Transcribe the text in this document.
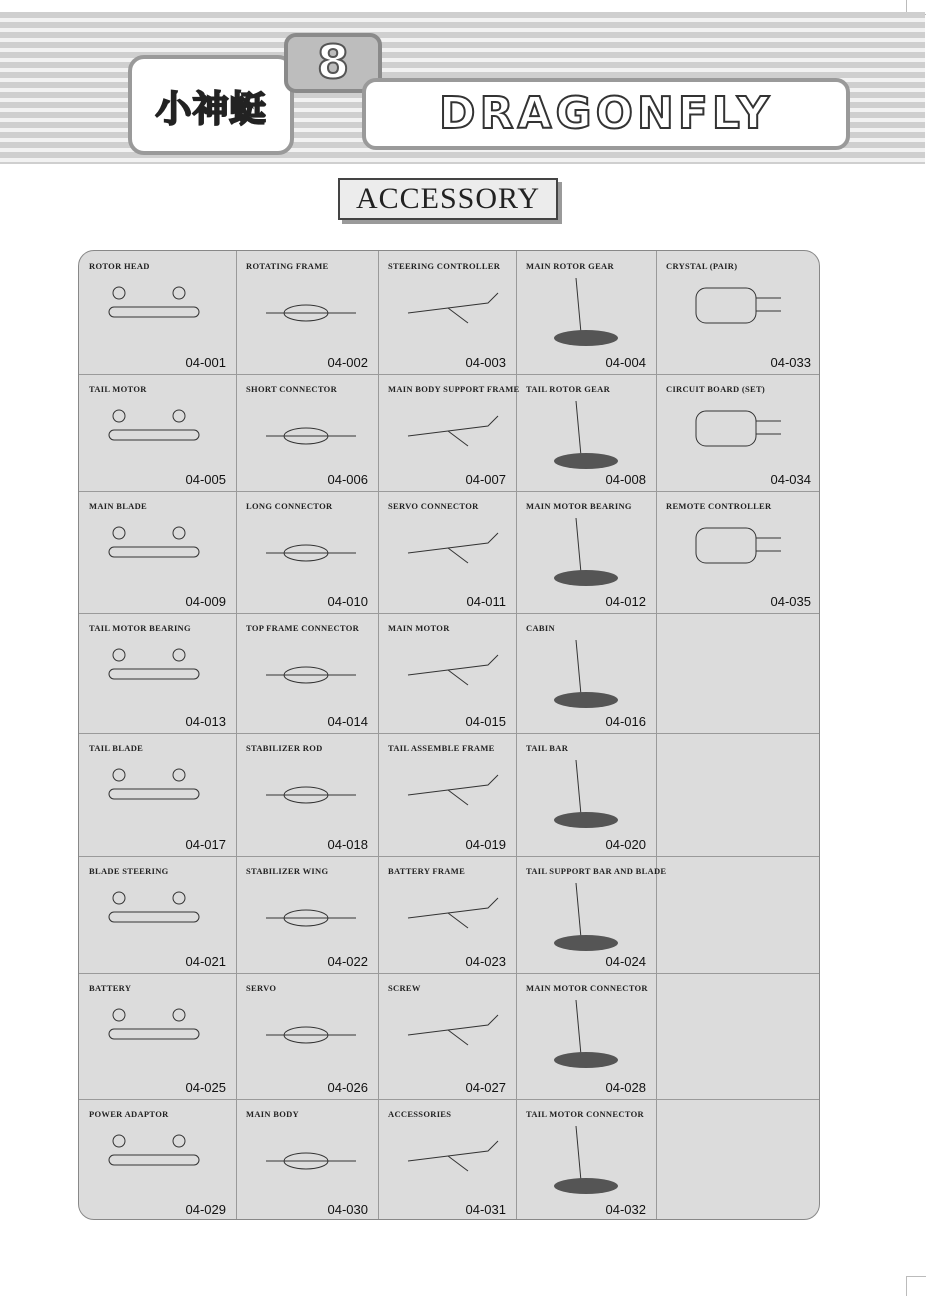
小神蜓
8
DRAGONFLY
ACCESSORY
ROTOR HEAD
04-001
ROTATING FRAME
04-002
STEERING CONTROLLER
04-003
MAIN ROTOR GEAR
04-004
CRYSTAL (PAIR)
04-033
TAIL MOTOR
04-005
SHORT CONNECTOR
04-006
MAIN BODY SUPPORT FRAME
04-007
TAIL ROTOR GEAR
04-008
CIRCUIT BOARD (SET)
04-034
MAIN BLADE
04-009
LONG CONNECTOR
04-010
SERVO CONNECTOR
04-011
MAIN MOTOR BEARING
04-012
REMOTE CONTROLLER
04-035
TAIL MOTOR BEARING
04-013
TOP FRAME CONNECTOR
04-014
MAIN MOTOR
04-015
CABIN
04-016
TAIL BLADE
04-017
STABILIZER ROD
04-018
TAIL ASSEMBLE FRAME
04-019
TAIL BAR
04-020
BLADE STEERING
04-021
STABILIZER WING
04-022
BATTERY FRAME
04-023
TAIL SUPPORT BAR AND BLADE
04-024
BATTERY
04-025
SERVO
04-026
SCREW
04-027
MAIN MOTOR CONNECTOR
04-028
POWER ADAPTOR
04-029
MAIN BODY
04-030
ACCESSORIES
04-031
TAIL MOTOR CONNECTOR
04-032
